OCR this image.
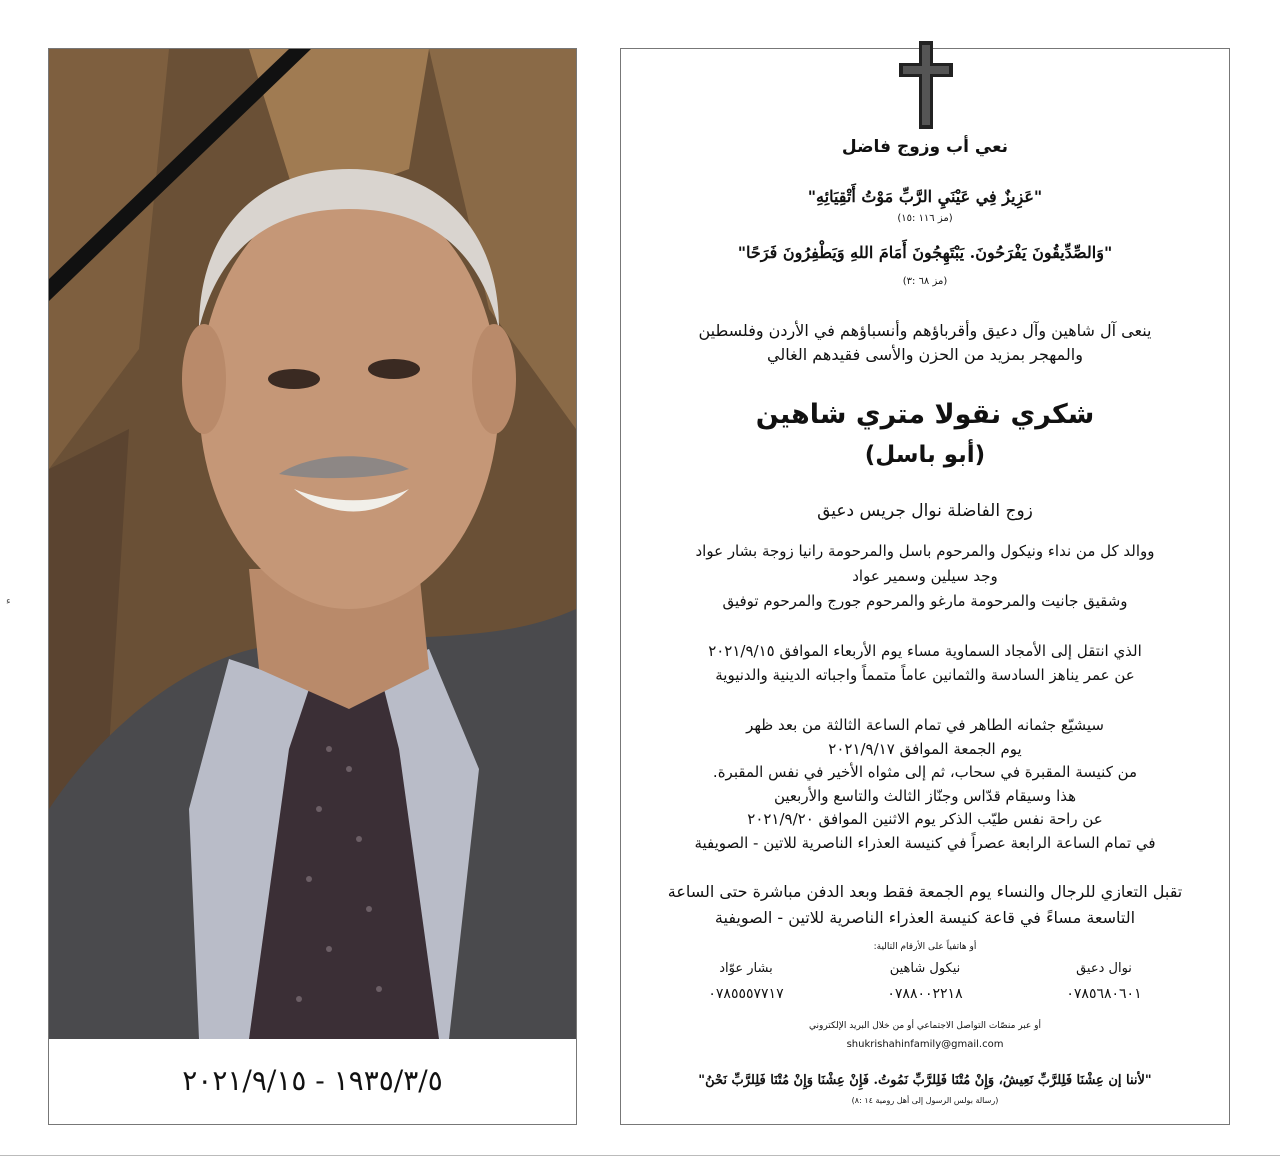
ء
١٩٣٥/٣/٥ - ٢٠٢١/٩/١٥
نعي أب وزوج فاضل
"عَزِيزٌ فِي عَيْنَيِ الرَّبِّ مَوْتُ أَتْقِيَائِهِ"
(مز ١١٦ :١٥)
"وَالصِّدِّيقُونَ يَفْرَحُونَ. يَبْتَهِجُونَ أَمَامَ اللهِ وَيَطْفِرُونَ فَرَحًا"
(مز ٦٨ :٣)
ينعى آل شاهين وآل دعيق وأقرباؤهم وأنسباؤهم في الأردن وفلسطين
والمهجر بمزيد من الحزن والأسى فقيدهم الغالي
شكري نقولا متري شاهين
(أبو باسل)
زوج الفاضلة نوال جريس دعيق
ووالد كل من نداء ونيكول والمرحوم باسل والمرحومة رانيا زوجة بشار عواد
وجد سيلين وسمير عواد
وشقيق جانيت والمرحومة مارغو والمرحوم جورج والمرحوم توفيق
الذي انتقل إلى الأمجاد السماوية مساء يوم الأربعاء الموافق ٢٠٢١/٩/١٥
عن عمر يناهز السادسة والثمانين عاماً متمماً واجباته الدينية والدنيوية
سيشيّع جثمانه الطاهر في تمام الساعة الثالثة من بعد ظهر
يوم الجمعة الموافق ٢٠٢١/٩/١٧
من كنيسة المقبرة في سحاب، ثم إلى مثواه الأخير في نفس المقبرة.
هذا وسيقام قدّاس وجنّاز الثالث والتاسع والأربعين
عن راحة نفس طيّب الذكر يوم الاثنين الموافق ٢٠٢١/٩/٢٠
في تمام الساعة الرابعة عصراً في كنيسة العذراء الناصرية للاتين - الصويفية
تقبل التعازي للرجال والنساء يوم الجمعة فقط وبعد الدفن مباشرة حتى الساعة
التاسعة مساءً في قاعة كنيسة العذراء الناصرية للاتين - الصويفية
أو هاتفياً على الأرقام التالية:
نوال دعيق
٠٧٨٥٦٨٠٦٠١
نيكول شاهين
٠٧٨٨٠٠٢٢١٨
بشار عوّاد
٠٧٨٥٥٥٧٧١٧
أو عبر منصّات التواصل الاجتماعي أو من خلال البريد الإلكتروني
shukrishahinfamily@gmail.com
"لأننا إن عِشْنَا فَلِلرَّبِّ نَعِيشُ، وَإِنْ مُتْنَا فَلِلرَّبِّ نَمُوتُ. فَإِنْ عِشْنَا وَإِنْ مُتْنَا فَلِلرَّبِّ نَحْنُ"
(رسالة بولس الرسول إلى أهل رومية ١٤ :٨)
